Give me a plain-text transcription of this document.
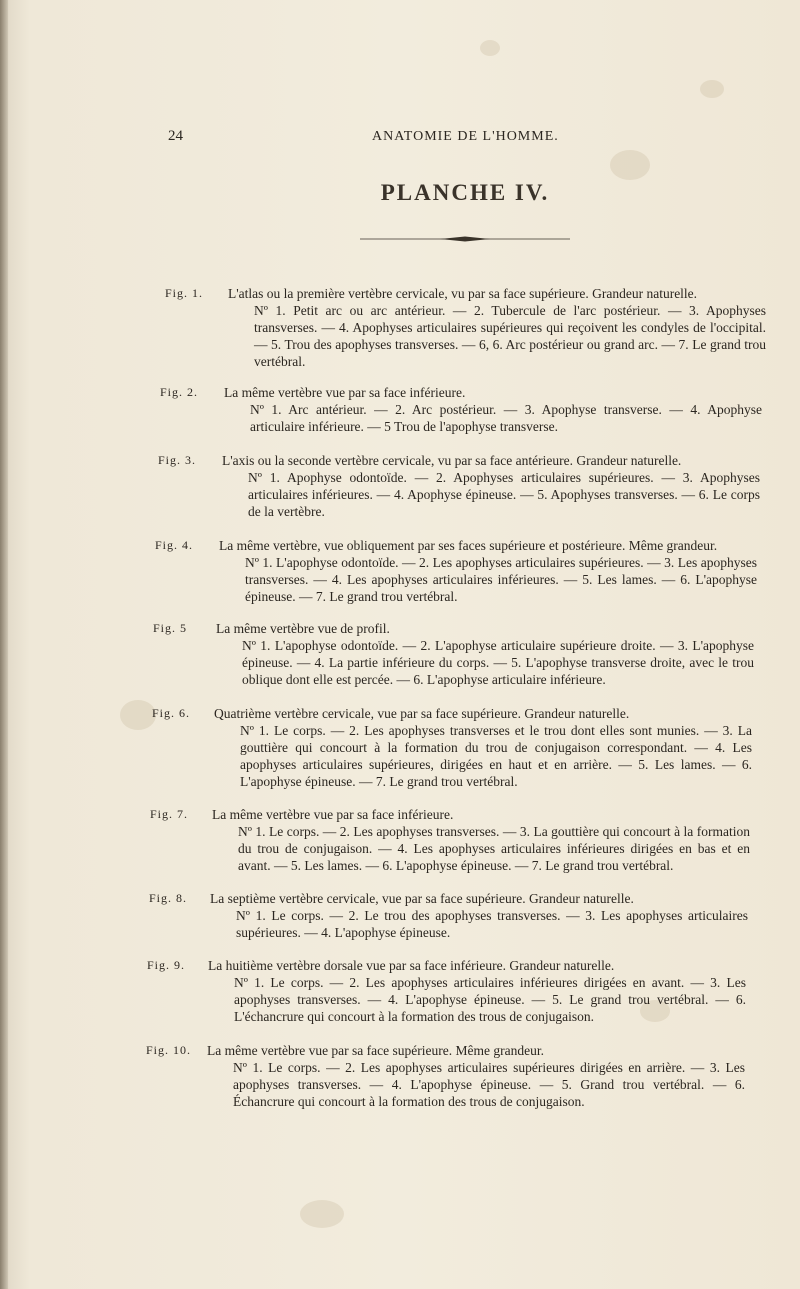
24	ANATOMIE DE L'HOMME.
PLANCHE IV.
Fig. 1. L'atlas ou la première vertèbre cervicale, vu par sa face supérieure. Grandeur naturelle.

Nº 1. Petit arc ou arc antérieur. — 2. Tubercule de l'arc postérieur. — 3. Apophyses transverses. — 4. Apophyses articulaires supérieures qui reçoivent les condyles de l'occipital. — 5. Trou des apophyses transverses. — 6, 6. Arc postérieur ou grand arc. — 7. Le grand trou vertébral.

Fig. 2. La même vertèbre vue par sa face inférieure.

Nº 1. Arc antérieur. — 2. Arc postérieur. — 3. Apophyse transverse. — 4. Apophyse articulaire inférieure. — 5 Trou de l'apophyse transverse.

Fig. 3. L'axis ou la seconde vertèbre cervicale, vu par sa face antérieure. Grandeur naturelle.

Nº 1. Apophyse odontoïde. — 2. Apophyses articulaires supérieures. — 3. Apophyses articulaires inférieures. — 4. Apophyse épineuse. — 5. Apophyses transverses. — 6. Le corps de la vertèbre.

Fig. 4. La même vertèbre, vue obliquement par ses faces supérieure et postérieure. Même grandeur.

Nº 1. L'apophyse odontoïde. — 2. Les apophyses articulaires supérieures. — 3. Les apophyses transverses. — 4. Les apophyses articulaires inférieures. — 5. Les lames. — 6. L'apophyse épineuse. — 7. Le grand trou vertébral.

Fig. 5 La même vertèbre vue de profil.

Nº 1. L'apophyse odontoïde. — 2. L'apophyse articulaire supérieure droite. — 3. L'apophyse épineuse. — 4. La partie inférieure du corps. — 5. L'apophyse transverse droite, avec le trou oblique dont elle est percée. — 6. L'apophyse articulaire inférieure.

Fig. 6. Quatrième vertèbre cervicale, vue par sa face supérieure. Grandeur naturelle.

Nº 1. Le corps. — 2. Les apophyses transverses et le trou dont elles sont munies. — 3. La gouttière qui concourt à la formation du trou de conjugaison correspondant. — 4. Les apophyses articulaires supérieures, dirigées en haut et en arrière. — 5. Les lames. — 6. L'apophyse épineuse. — 7. Le grand trou vertébral.

Fig. 7. La même vertèbre vue par sa face inférieure.

Nº 1. Le corps. — 2. Les apophyses transverses. — 3. La gouttière qui concourt à la formation du trou de conjugaison. — 4. Les apophyses articulaires inférieures dirigées en bas et en avant. — 5. Les lames. — 6. L'apophyse épineuse. — 7. Le grand trou vertébral.

Fig. 8. La septième vertèbre cervicale, vue par sa face supérieure. Grandeur naturelle.

Nº 1. Le corps. — 2. Le trou des apophyses transverses. — 3. Les apophyses articulaires supérieures. — 4. L'apophyse épineuse.

Fig. 9. La huitième vertèbre dorsale vue par sa face inférieure. Grandeur naturelle.

Nº 1. Le corps. — 2. Les apophyses articulaires inférieures dirigées en avant. — 3. Les apophyses transverses. — 4. L'apophyse épineuse. — 5. Le grand trou vertébral. — 6. L'échancrure qui concourt à la formation des trous de conjugaison.

Fig. 10. La même vertèbre vue par sa face supérieure. Même grandeur.

Nº 1. Le corps. — 2. Les apophyses articulaires supérieures dirigées en arrière. — 3. Les apophyses transverses. — 4. L'apophyse épineuse. — 5. Grand trou vertébral. — 6. Échancrure qui concourt à la formation des trous de conjugaison.
